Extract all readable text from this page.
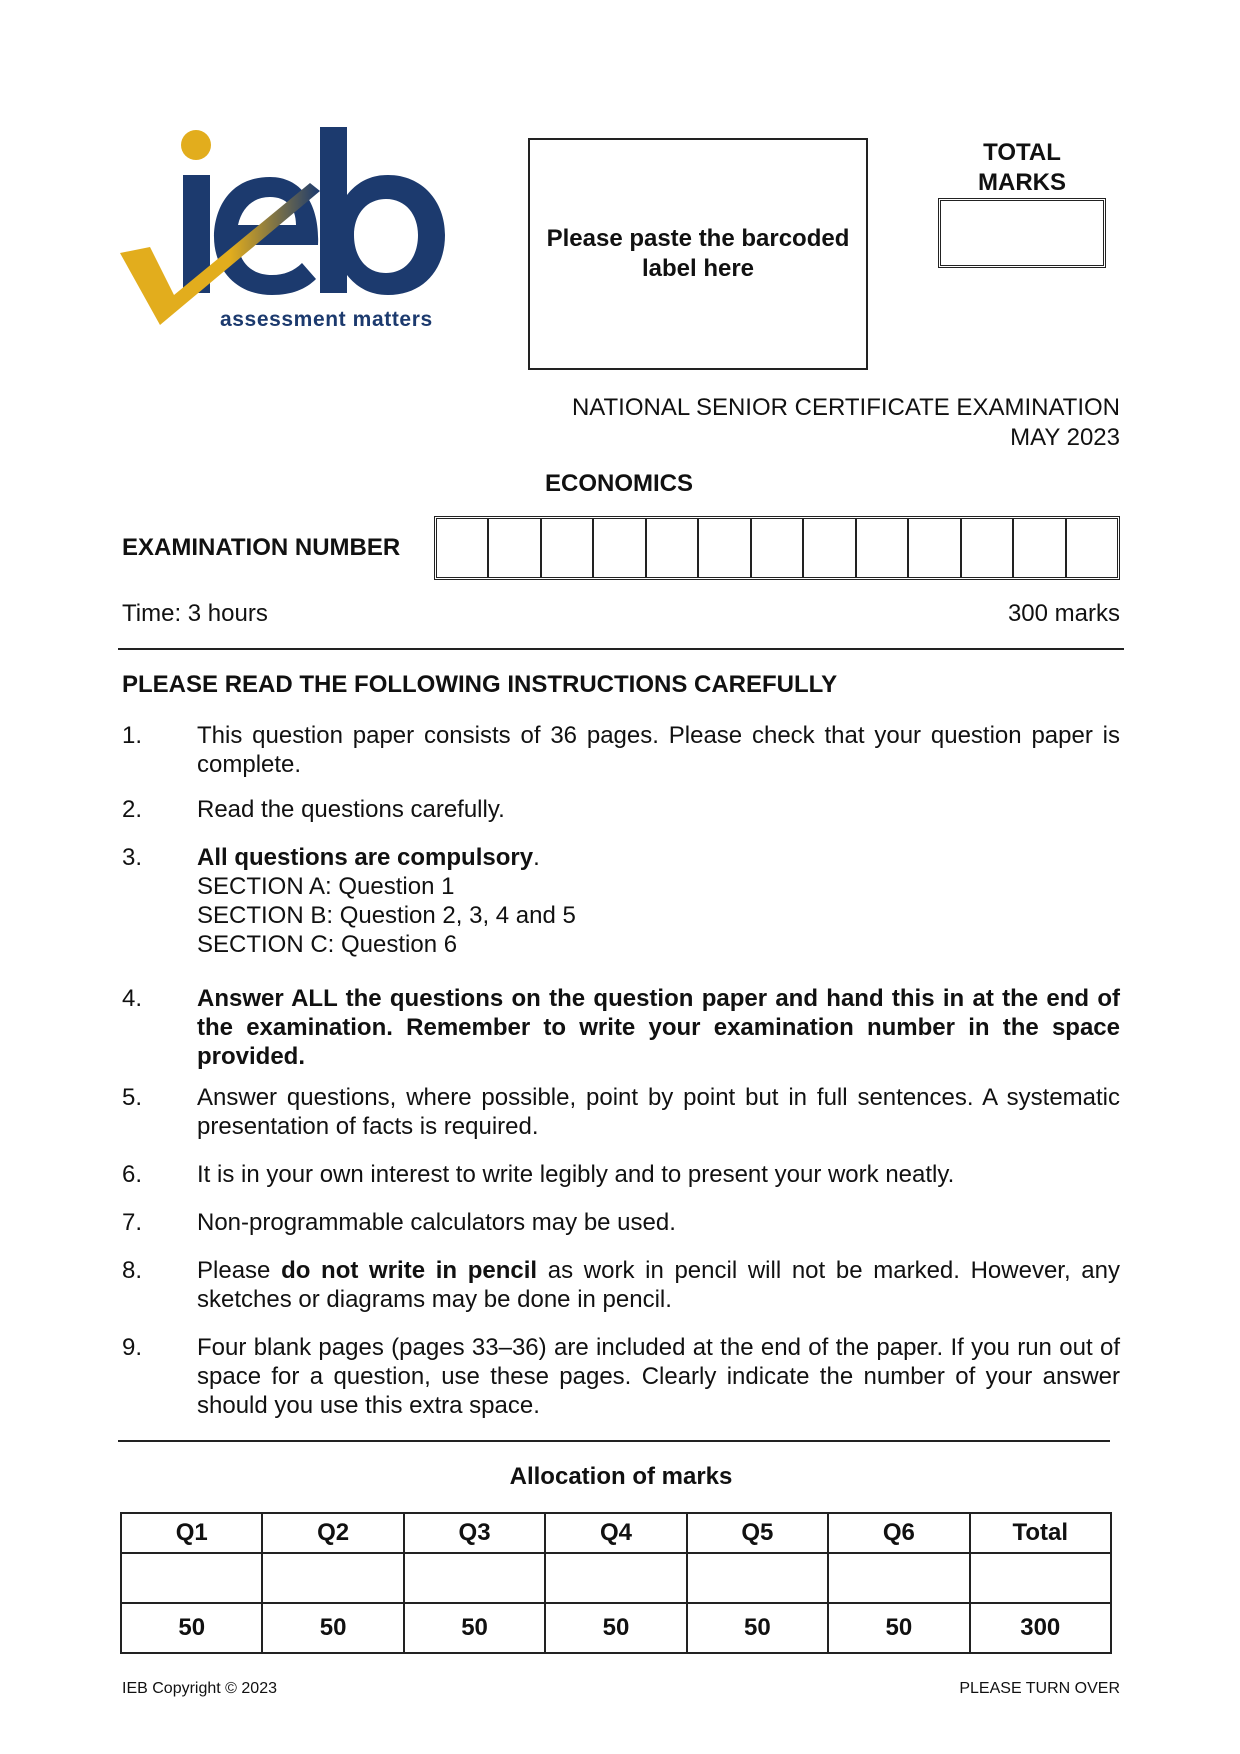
assessment matters
Please paste the barcoded label here
TOTAL MARKS
NATIONAL SENIOR CERTIFICATE EXAMINATION
MAY 2023
ECONOMICS
EXAMINATION NUMBER
Time: 3 hours	300 marks
PLEASE READ THE FOLLOWING INSTRUCTIONS CAREFULLY
1.	This question paper consists of 36 pages. Please check that your question paper is complete.
2.	Read the questions carefully.
3.	All questions are compulsory.
SECTION A: Question 1
SECTION B: Question 2, 3, 4 and 5
SECTION C: Question 6
4.	Answer ALL the questions on the question paper and hand this in at the end of the examination. Remember to write your examination number in the space provided.
5.	Answer questions, where possible, point by point but in full sentences. A systematic presentation of facts is required.
6.	It is in your own interest to write legibly and to present your work neatly.
7.	Non-programmable calculators may be used.
8.	Please do not write in pencil as work in pencil will not be marked. However, any sketches or diagrams may be done in pencil.
9.	Four blank pages (pages 33–36) are included at the end of the paper. If you run out of space for a question, use these pages. Clearly indicate the number of your answer should you use this extra space.
Allocation of marks
Q1	Q2	Q3	Q4	Q5	Q6	Total

50	50	50	50	50	50	300
IEB Copyright © 2023	PLEASE TURN OVER
